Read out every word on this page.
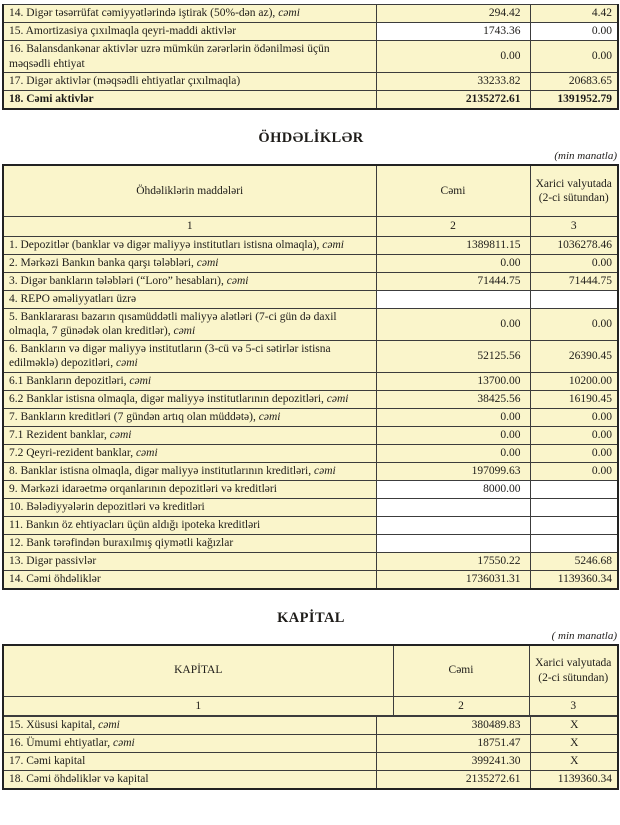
14. Digər təsərrüfat cəmiyyətlərində iştirak (50%-dən az), cəmi	294.42	4.42
15. Amortizasiya çıxılmaqla qeyri-maddi aktivlər	1743.36	0.00
16. Balansdankənar aktivlər uzrə mümkün zərərlərin ödənilməsi üçün məqsədli ehtiyat	0.00	0.00
17. Digər aktivlər (məqsədli ehtiyatlar çıxılmaqla)	33233.82	20683.65
18. Cəmi aktivlər	2135272.61	1391952.79
ÖHDƏLİKLƏR
(min manatla)
Öhdəliklərin maddələri	Cəmi	Xarici valyutada (2-ci sütundan)
1	2	3
1. Depozitlər (banklar və digər maliyyə institutları istisna olmaqla), cəmi	1389811.15	1036278.46
2. Mərkəzi Bankın banka qarşı tələbləri, cəmi	0.00	0.00
3. Digər bankların tələbləri (“Loro” hesabları), cəmi	71444.75	71444.75
4. REPO əməliyyatları üzrə		
5. Banklararası bazarın qısamüddətli maliyyə alətləri (7-ci gün də daxil olmaqla, 7 günədək olan kreditlər), cəmi	0.00	0.00
6. Bankların və digər maliyyə institutların (3-cü və 5-ci sətirlər istisna edilməklə) depozitləri, cəmi	52125.56	26390.45
6.1 Bankların depozitləri, cəmi	13700.00	10200.00
6.2 Banklar istisna olmaqla, digər maliyyə institutlarının depozitləri, cəmi	38425.56	16190.45
7. Bankların kreditləri (7 gündən artıq olan müddətə), cəmi	0.00	0.00
7.1 Rezident banklar, cəmi	0.00	0.00
7.2 Qeyri-rezident banklar, cəmi	0.00	0.00
8. Banklar istisna olmaqla, digər maliyyə institutlarının kreditləri, cəmi	197099.63	0.00
9. Mərkəzi idarəetmə orqanlarının depozitləri və kreditləri	8000.00	
10. Bələdiyyələrin depozitləri və kreditləri		
11. Bankın öz ehtiyacları üçün aldığı ipoteka kreditləri		
12. Bank tərəfindən buraxılmış qiymətli kağızlar		
13. Digər passivlər	17550.22	5246.68
14. Cəmi öhdəliklər	1736031.31	1139360.34
KAPİTAL
( min manatla)
KAPİTAL	Cəmi	Xarici valyutada (2-ci sütundan)
1	2	3
15. Xüsusi kapital, cəmi	380489.83	X
16. Ümumi ehtiyatlar, cəmi	18751.47	X
17. Cəmi kapital	399241.30	X
18. Cəmi öhdəliklər və kapital	2135272.61	1139360.34
